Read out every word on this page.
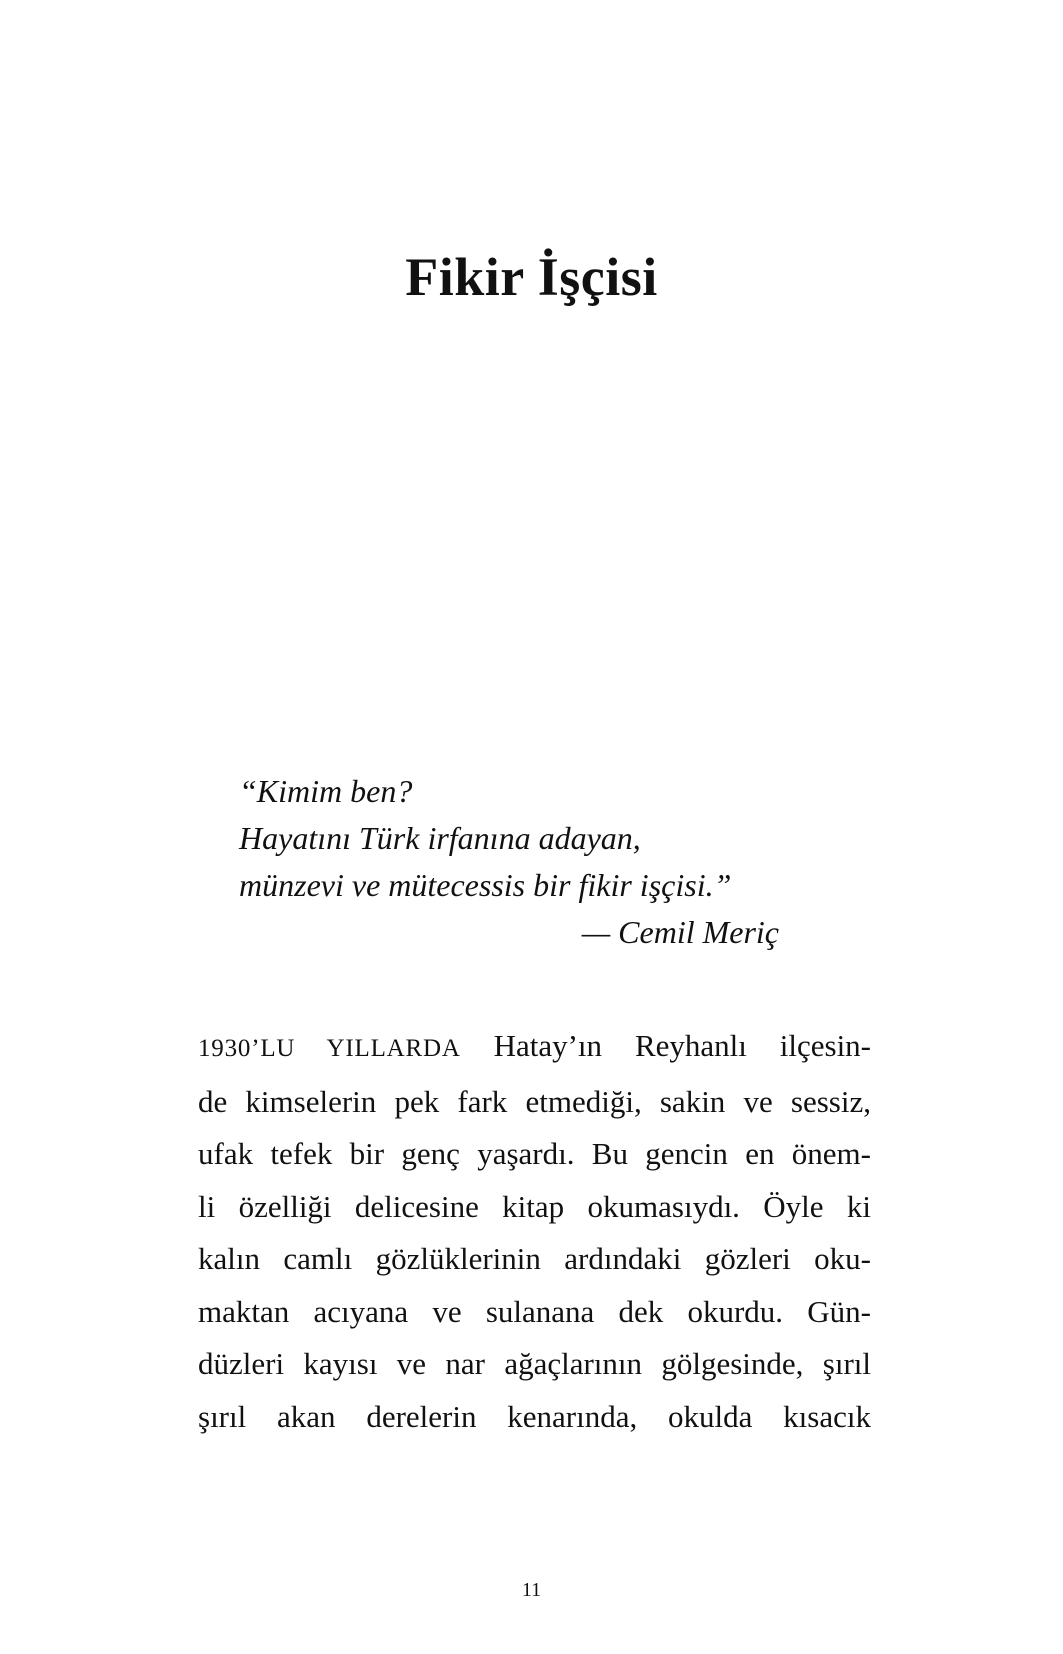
Fikir İşçisi
“Kimim ben?
Hayatını Türk irfanına adayan,
münzevi ve mütecessis bir fikir işçisi.”
— Cemil Meriç
1930’LU YILLARDA Hatay’ın Reyhanlı ilçesin-
de kimselerin pek fark etmediği, sakin ve sessiz,
ufak tefek bir genç yaşardı. Bu gencin en önem-
li özelliği delicesine kitap okumasıydı. Öyle ki
kalın camlı gözlüklerinin ardındaki gözleri oku-
maktan acıyana ve sulanana dek okurdu. Gün-
düzleri kayısı ve nar ağaçlarının gölgesinde, şırıl
şırıl akan derelerin kenarında, okulda kısacık
11
